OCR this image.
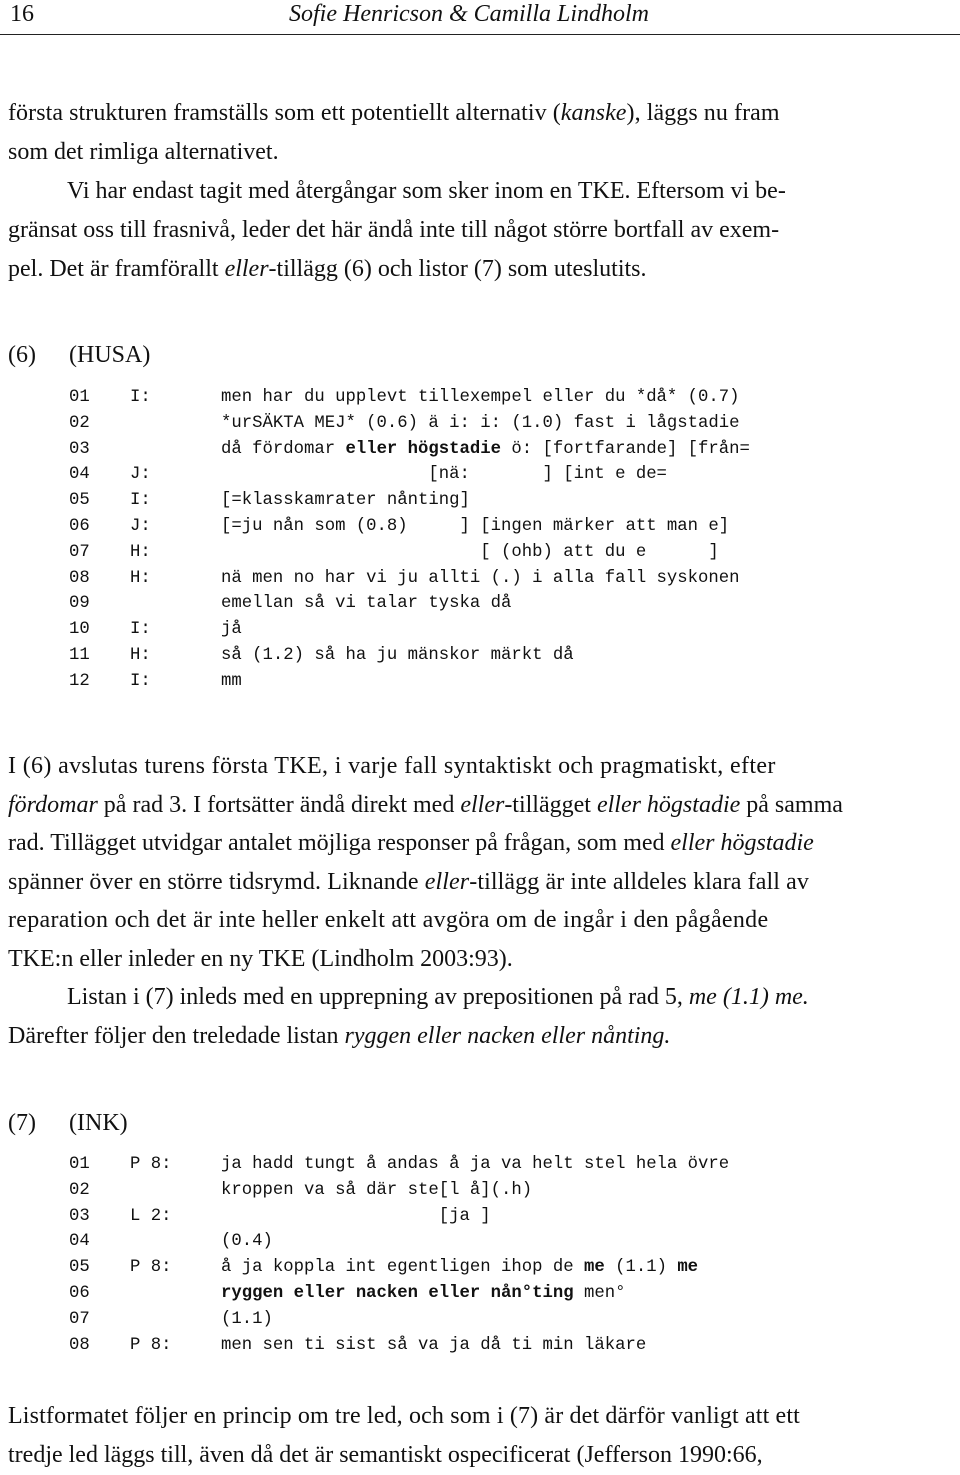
16	Sofie Henricson & Camilla Lindholm
första strukturen framställs som ett potentiellt alternativ (kanske), läggs nu fram
som det rimliga alternativet.
Vi har endast tagit med återgångar som sker inom en TKE. Eftersom vi be-
gränsat oss till frasnivå, leder det här ändå inte till något större bortfall av exem-
pel. Det är framförallt eller-tillägg (6) och listor (7) som uteslutits.
(6) (HUSA)

01 I:	men har du upplevt tillexempel eller du *då* (0.7)

02	*urSÄKTA MEJ* (0.6) ä i: i: (1.0) fast i lågstadie

03	då fördomar eller högstadie ö: [fortfarande] [från=

04 J:	[nä:       ] [int e de=

05 I:	[=klasskamrater nånting]

06 J:	[=ju nån som (0.8)     ] [ingen märker att man e]

07 H:	[ (ohb) att du e      ]

08 H:	nä men no har vi ju allti (.) i alla fall syskonen

09	emellan så vi talar tyska då

10 I:	jå

11 H:	så (1.2) så ha ju mänskor märkt då

12 I:	mm

I (6) avslutas turens första TKE, i varje fall syntaktiskt och pragmatiskt, efter
fördomar på rad 3. I fortsätter ändå direkt med eller-tillägget eller högstadie på samma
rad. Tillägget utvidgar antalet möjliga responser på frågan, som med eller högstadie
spänner över en större tidsrymd. Liknande eller-tillägg är inte alldeles klara fall av
reparation och det är inte heller enkelt att avgöra om de ingår i den pågående
TKE:n eller inleder en ny TKE (Lindholm 2003:93).
Listan i (7) inleds med en upprepning av prepositionen på rad 5, me (1.1) me.
Därefter följer den treledade listan ryggen eller nacken eller nånting.
(7) (INK)

01 P 8:	ja hadd tungt å andas å ja va helt stel hela övre

02	kroppen va så där ste[l å](.h)

03 L 2:	[ja ]

04	(0.4)

05 P 8:	å ja koppla int egentligen ihop de me (1.1) me

06	ryggen eller nacken eller nån°ting men°

07	(1.1)

08 P 8:	men sen ti sist så va ja då ti min läkare

Listformatet följer en princip om tre led, och som i (7) är det därför vanligt att ett
tredje led läggs till, även då det är semantiskt ospecificerat (Jefferson 1990:66,
